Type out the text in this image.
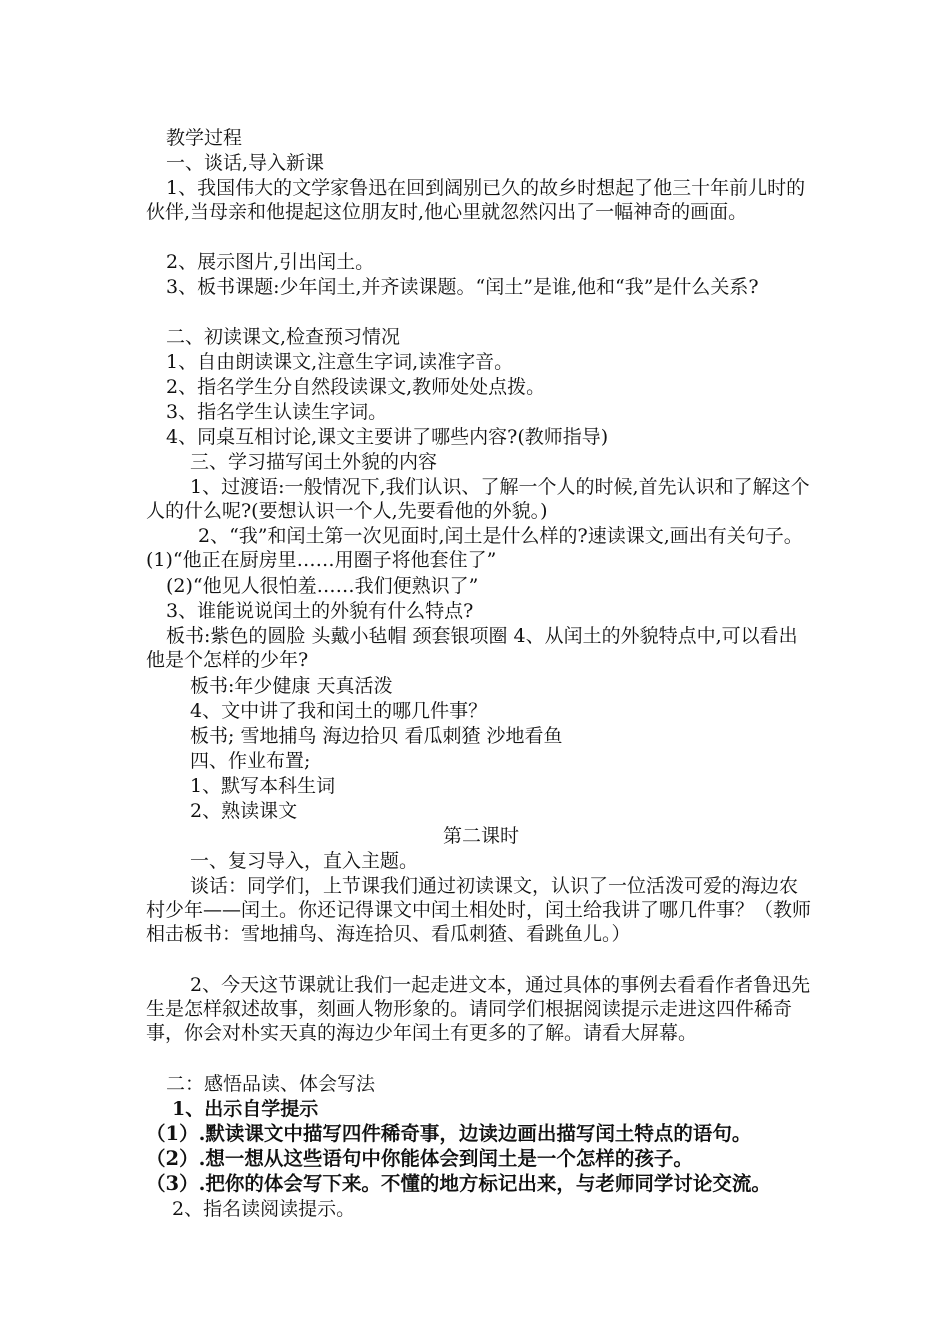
教学过程

一、谈话,导入新课

1、我国伟大的文学家鲁迅在回到阔别已久的故乡时想起了他三十年前儿时的伙伴,当母亲和他提起这位朋友时,他心里就忽然闪出了一幅神奇的画面。

2、展示图片,引出闰土。

3、板书课题:少年闰土,并齐读课题。“闰土”是谁,他和“我”是什么关系?

二、初读课文,检查预习情况

1、自由朗读课文,注意生字词,读准字音。

2、指名学生分自然段读课文,教师处处点拨。

3、指名学生认读生字词。

4、同桌互相讨论,课文主要讲了哪些内容?(教师指导)

三、学习描写闰土外貌的内容

1、过渡语:一般情况下,我们认识、了解一个人的时候,首先认识和了解这个人的什么呢?(要想认识一个人,先要看他的外貌。)

2、“我”和闰土第一次见面时,闰土是什么样的?速读课文,画出有关句子。 (1)“他正在厨房里……用圈子将他套住了”

(2)“他见人很怕羞……我们便熟识了”

3、谁能说说闰土的外貌有什么特点?

板书:紫色的圆脸 头戴小毡帽 颈套银项圈 4、从闰土的外貌特点中,可以看出他是个怎样的少年?

板书:年少健康 天真活泼

4、文中讲了我和闰土的哪几件事？

板书; 雪地捕鸟 海边拾贝 看瓜刺猹 沙地看鱼

四、作业布置;

1、默写本科生词

2、熟读课文

第二课时

一、复习导入，直入主题。

谈话：同学们，上节课我们通过初读课文，认识了一位活泼可爱的海边农村少年——闰土。你还记得课文中闰土相处时，闰土给我讲了哪几件事？（教师相击板书：雪地捕鸟、海连拾贝、看瓜刺猹、看跳鱼儿。）

2、今天这节课就让我们一起走进文本，通过具体的事例去看看作者鲁迅先生是怎样叙述故事，刻画人物形象的。请同学们根据阅读提示走进这四件稀奇事，你会对朴实天真的海边少年闰土有更多的了解。请看大屏幕。

二：感悟品读、体会写法

1、出示自学提示

（1）.默读课文中描写四件稀奇事，边读边画出描写闰土特点的语句。

（2）.想一想从这些语句中你能体会到闰土是一个怎样的孩子。

（3）.把你的体会写下来。不懂的地方标记出来，与老师同学讨论交流。

2、指名读阅读提示。
